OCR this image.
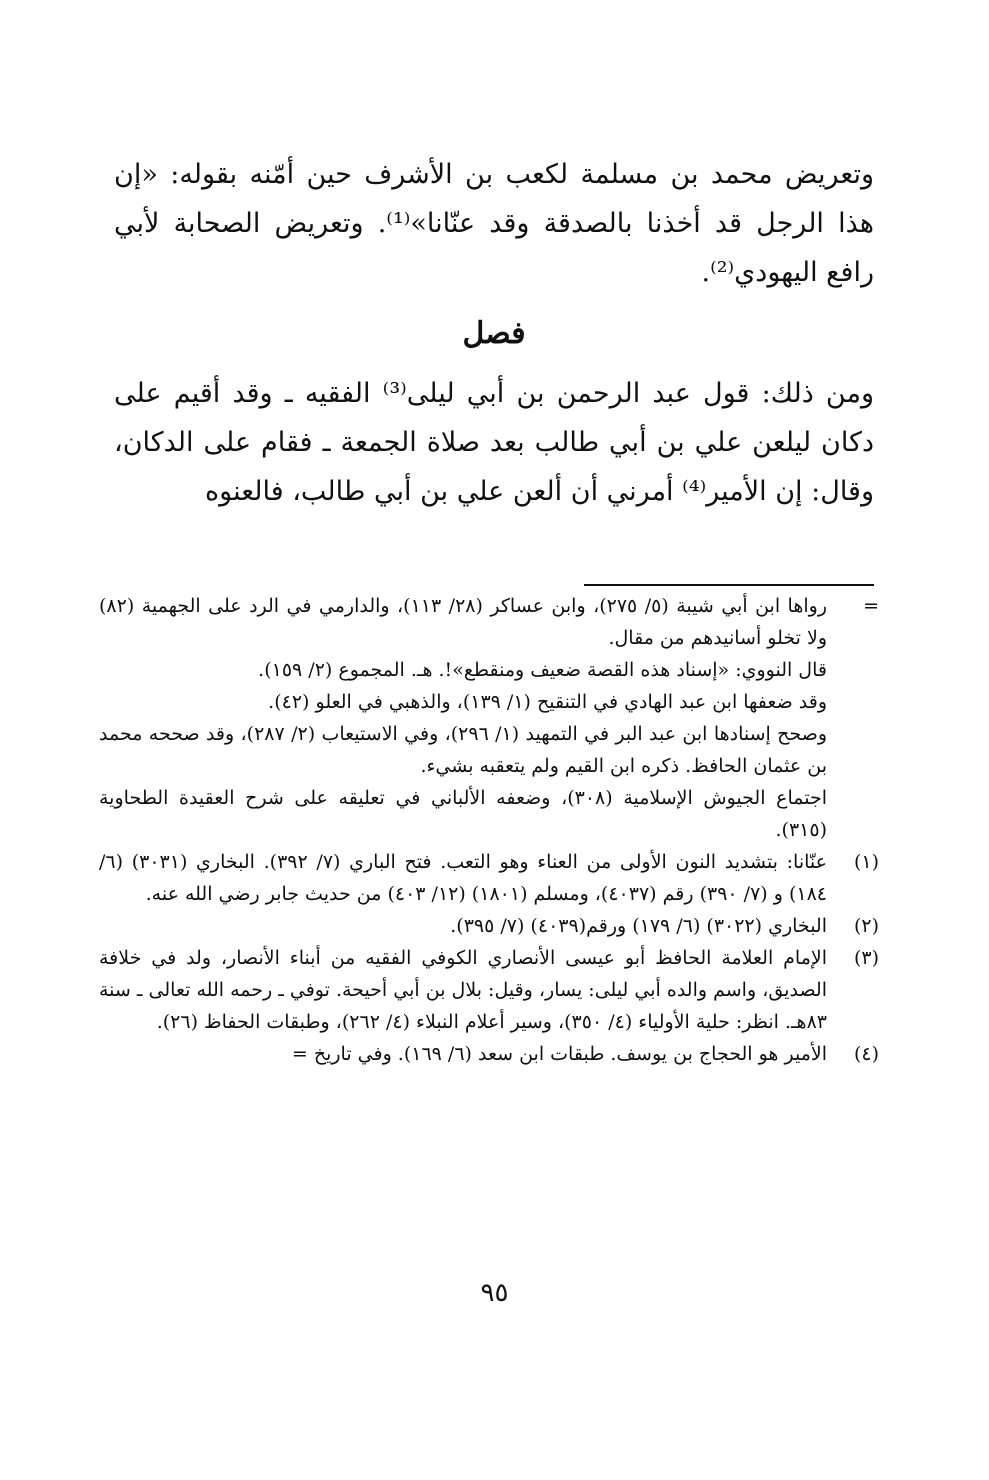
وتعريض محمد بن مسلمة لكعب بن الأشرف حين أمّنه بقوله: «إن هذا الرجل قد أخذنا بالصدقة وقد عنّانا»⁽¹⁾. وتعريض الصحابة لأبي رافع اليهودي⁽²⁾.

فصل

ومن ذلك: قول عبد الرحمن بن أبي ليلى⁽³⁾ الفقيه ـ وقد أقيم على دكان ليلعن علي بن أبي طالب بعد صلاة الجمعة ـ فقام على الدكان، وقال: إن الأمير⁽⁴⁾ أمرني أن ألعن علي بن أبي طالب، فالعنوه

=

رواها ابن أبي شيبة (٥/ ٢٧٥)، وابن عساكر (٢٨/ ١١٣)، والدارمي في الرد على الجهمية (٨٢) ولا تخلو أسانيدهم من مقال.

قال النووي: «إسناد هذه القصة ضعيف ومنقطع»!. هـ. المجموع (٢/ ١٥٩).

وقد ضعفها ابن عبد الهادي في التنقيح (١/ ١٣٩)، والذهبي في العلو (٤٢).

وصحح إسنادها ابن عبد البر في التمهيد (١/ ٢٩٦)، وفي الاستيعاب (٢/ ٢٨٧)، وقد صححه محمد بن عثمان الحافظ. ذكره ابن القيم ولم يتعقبه بشيء.

اجتماع الجيوش الإسلامية (٣٠٨)، وضعفه الألباني في تعليقه على شرح العقيدة الطحاوية (٣١٥).

(١)
عنّانا: بتشديد النون الأولى من العناء وهو التعب. فتح الباري (٧/ ٣٩٢). البخاري (٣٠٣١) (٦/ ١٨٤) و (٧/ ٣٩٠) رقم (٤٠٣٧)، ومسلم (١٨٠١) (١٢/ ٤٠٣) من حديث جابر رضي الله عنه.
(٢)
البخاري (٣٠٢٢) (٦/ ١٧٩) ورقم(٤٠٣٩) (٧/ ٣٩٥).
(٣)
الإمام العلامة الحافظ أبو عيسى الأنصاري الكوفي الفقيه من أبناء الأنصار، ولد في خلافة الصديق، واسم والده أبي ليلى: يسار، وقيل: بلال بن أبي أحيحة. توفي ـ رحمه الله تعالى ـ سنة ٨٣هـ. انظر: حلية الأولياء (٤/ ٣٥٠)، وسير أعلام النبلاء (٤/ ٢٦٢)، وطبقات الحفاظ (٢٦).
(٤)
الأمير هو الحجاج بن يوسف. طبقات ابن سعد (٦/ ١٦٩). وفي تاريخ =
٩٥
